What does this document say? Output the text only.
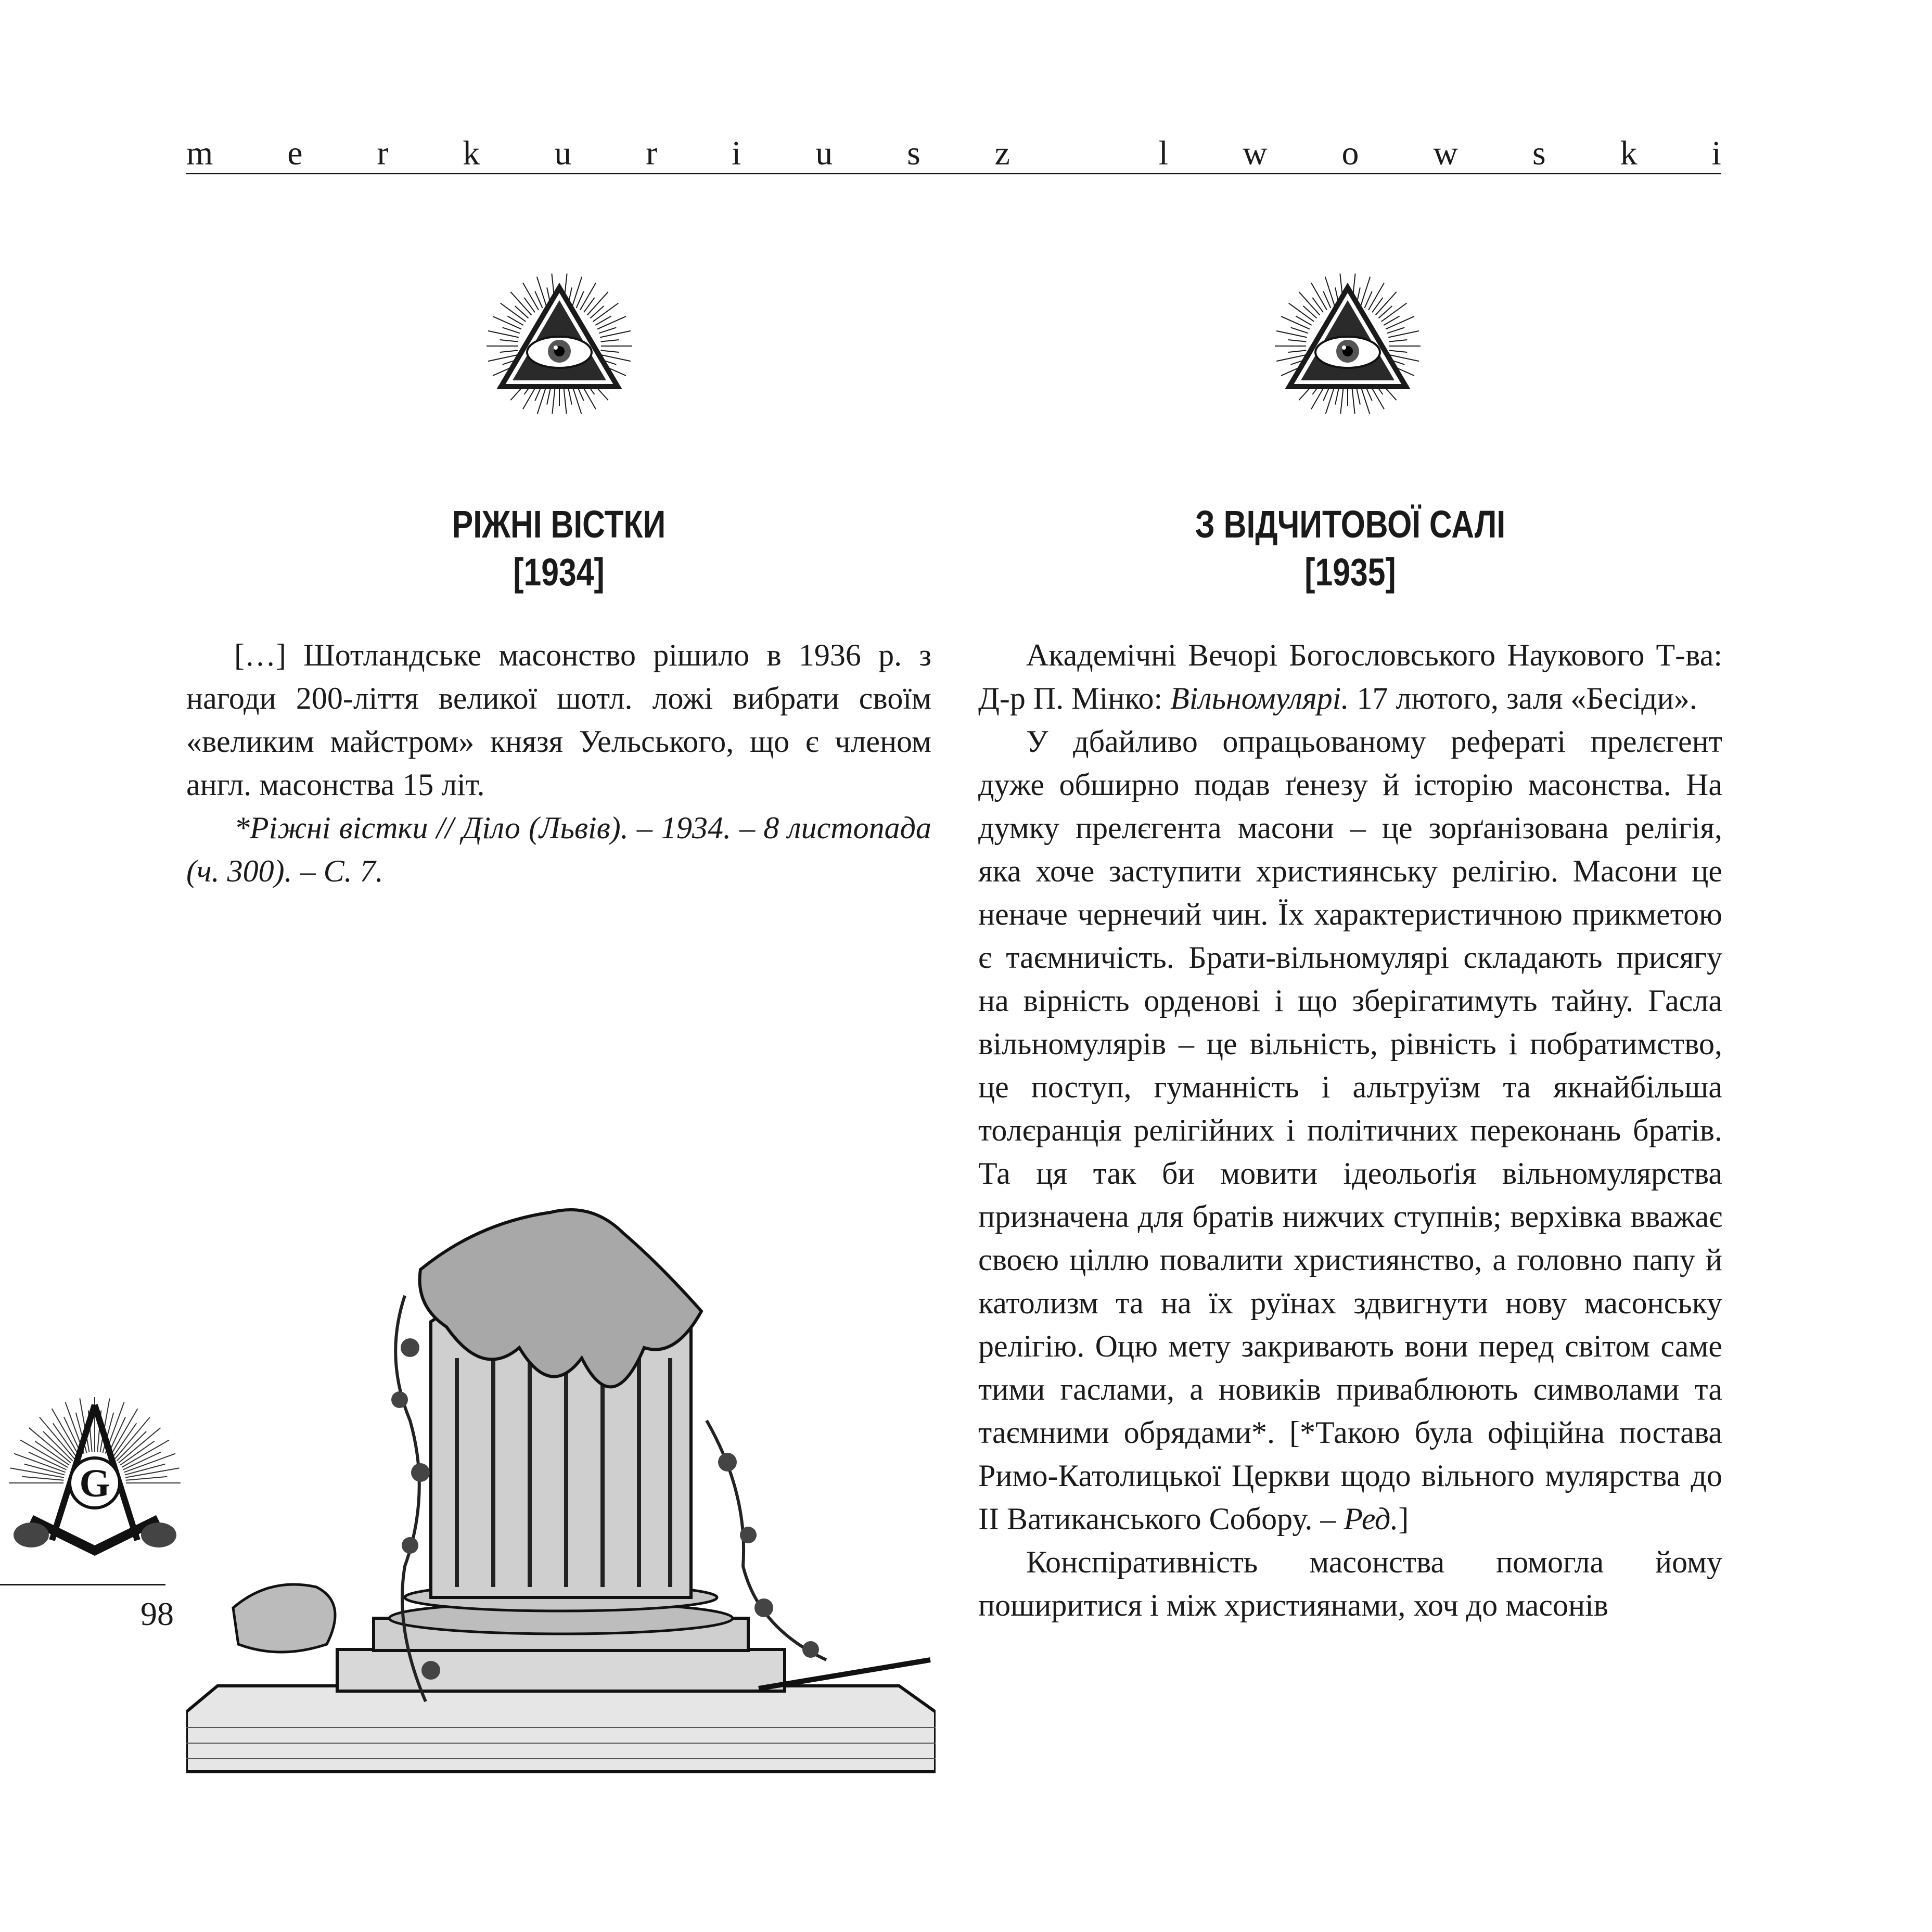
m e r k u r i u s z	l w o w s k i
РІЖНІ ВІСТКИ
[1934]
З ВІДЧИТОВОЇ САЛІ
[1935]

[…] Шотландське масонство рішило в 1936 р. з нагоди 200-ліття великої шотл. ложі вибрати своїм «великим майстром» князя Уельського, що є членом англ. масонства 15 літ.

*Ріжні вістки // Діло (Львів). – 1934. – 8 листопада (ч. 300). – С. 7.

Академічні Вечорі Богословського Наукового Т-ва: Д-р П. Мінко: Вільномулярі. 17 лютого, заля «Бесіди».

У дбайливо опрацьованому рефераті прелєгент дуже обширно подав ґенезу й історію масонства. На думку прелєгента масони – це зорґанізована релігія, яка хоче заступити християнську релігію. Масони це неначе чернечий чин. Їх характеристичною прикметою є таємничість. Брати-вільномулярі складають присягу на вірність орденові і що зберігатимуть тайну. Гасла вільномулярів – це вільність, рівність і побратимство, це поступ, гуманність і альтруїзм та якнайбільша толєранція релігійних і політичних переконань братів. Та ця так би мовити ідеольоґія вільномулярства призначена для братів нижчих ступнів; верхівка вважає своєю ціллю повалити християнство, а головно папу й католизм та на їх руїнах здвигнути нову масонську релігію. Оцю мету закривають вони перед світом саме тими гаслами, а новиків приваблюють символами та таємними обрядами*. [*Такою була офіційна постава Римо-Католицької Церкви щодо вільного мулярства до ІІ Ватиканського Собору. – Ред.]

Конспіративність масонства помогла йому поширитися і між християнами, хоч до масонів

G
98
